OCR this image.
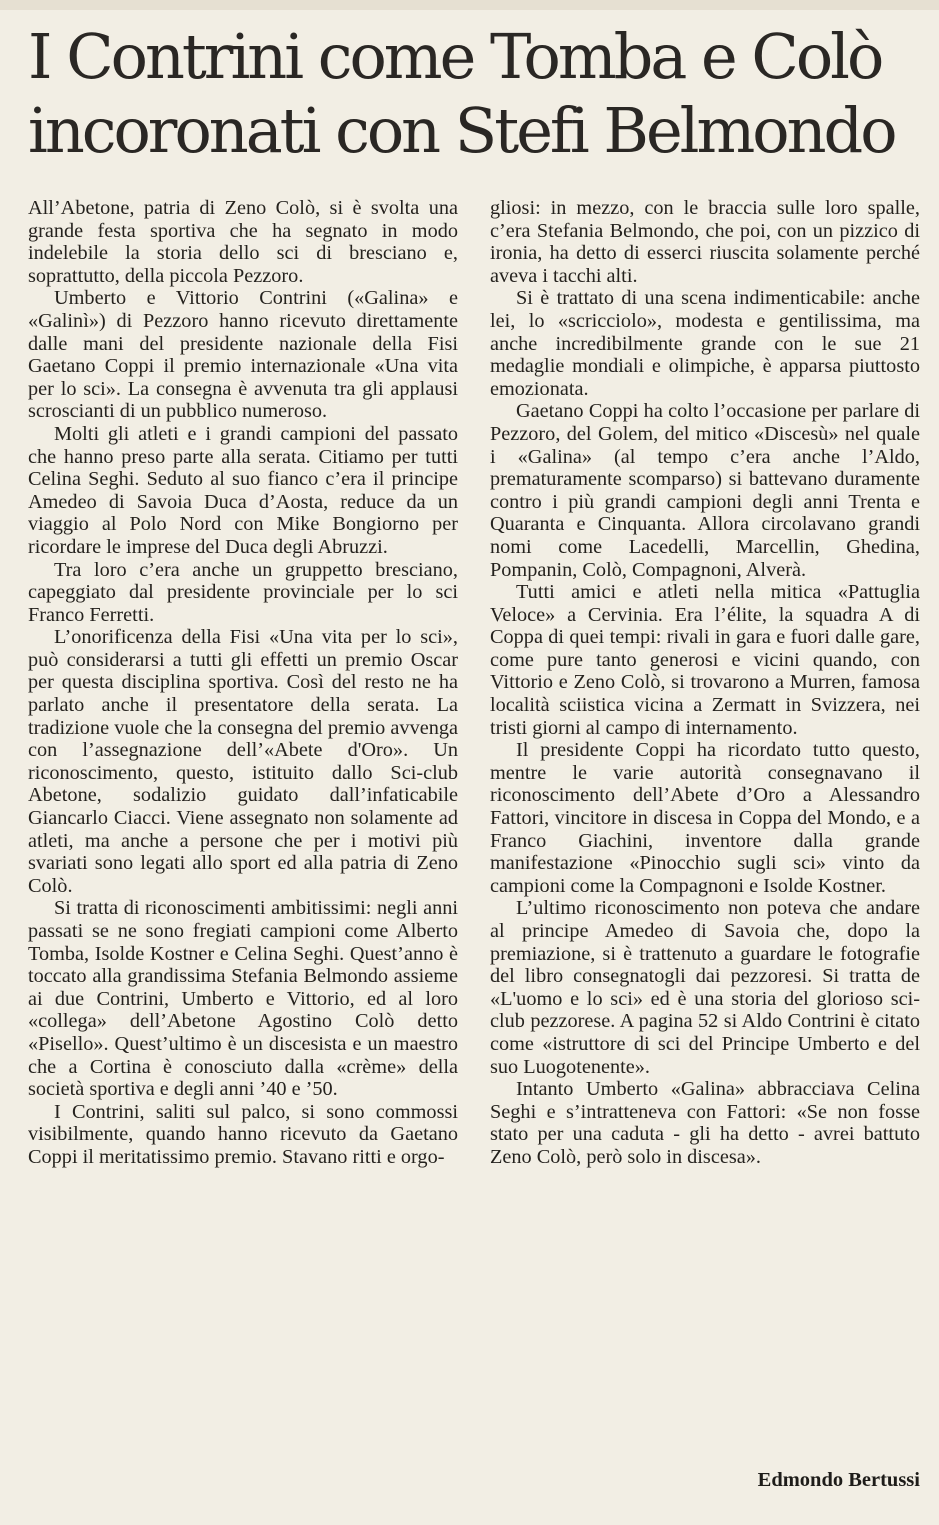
I Contrini come Tomba e Colò
incoronati con Stefi Belmondo

All’Abetone, patria di Zeno Colò, si è svolta una grande festa sportiva che ha segnato in modo indelebile la storia dello sci di bresciano e, soprattutto, della piccola Pezzoro.

Umberto e Vittorio Contrini («Galina» e «Galinì») di Pezzoro hanno ricevuto direttamente dalle mani del presidente nazionale della Fisi Gaetano Coppi il premio internazionale «Una vita per lo sci». La consegna è avvenuta tra gli applausi scroscianti di un pubblico numeroso.

Molti gli atleti e i grandi campioni del passato che hanno preso parte alla serata. Citiamo per tutti Celina Seghi. Seduto al suo fianco c’era il principe Amedeo di Savoia Duca d’Aosta, reduce da un viaggio al Polo Nord con Mike Bongiorno per ricordare le imprese del Duca degli Abruzzi.

Tra loro c’era anche un gruppetto bresciano, capeggiato dal presidente provinciale per lo sci Franco Ferretti.

L’onorificenza della Fisi «Una vita per lo sci», può considerarsi a tutti gli effetti un premio Oscar per questa disciplina sportiva. Così del resto ne ha parlato anche il presentatore della serata. La tradizione vuole che la consegna del premio avvenga con l’assegnazione dell’«Abete d'Oro». Un riconoscimento, questo, istituito dallo Sci-club Abetone, sodalizio guidato dall’infaticabile Giancarlo Ciacci. Viene assegnato non solamente ad atleti, ma anche a persone che per i motivi più svariati sono legati allo sport ed alla patria di Zeno Colò.

Si tratta di riconoscimenti ambitissimi: negli anni passati se ne sono fregiati campioni come Alberto Tomba, Isolde Kostner e Celina Seghi. Quest’anno è toccato alla grandissima Stefania Belmondo assieme ai due Contrini, Umberto e Vittorio, ed al loro «collega» dell’Abetone Agostino Colò detto «Pisello». Quest’ultimo è un discesista e un maestro che a Cortina è conosciuto dalla «crème» della società sportiva e degli anni ’40 e ’50.

I Contrini, saliti sul palco, si sono commossi visibilmente, quando hanno ricevuto da Gaetano Coppi il meritatissimo premio. Stavano ritti e orgo-

gliosi: in mezzo, con le braccia sulle loro spalle, c’era Stefania Belmondo, che poi, con un pizzico di ironia, ha detto di esserci riuscita solamente perché aveva i tacchi alti.

Si è trattato di una scena indimenticabile: anche lei, lo «scricciolo», modesta e gentilissima, ma anche incredibilmente grande con le sue 21 medaglie mondiali e olimpiche, è apparsa piuttosto emozionata.

Gaetano Coppi ha colto l’occasione per parlare di Pezzoro, del Golem, del mitico «Discesù» nel quale i «Galina» (al tempo c’era anche l’Aldo, prematuramente scomparso) si battevano duramente contro i più grandi campioni degli anni Trenta e Quaranta e Cinquanta. Allora circolavano grandi nomi come Lacedelli, Marcellin, Ghedina, Pompanin, Colò, Compagnoni, Alverà.

Tutti amici e atleti nella mitica «Pattuglia Veloce» a Cervinia. Era l’élite, la squadra A di Coppa di quei tempi: rivali in gara e fuori dalle gare, come pure tanto generosi e vicini quando, con Vittorio e Zeno Colò, si trovarono a Murren, famosa località sciistica vicina a Zermatt in Svizzera, nei tristi giorni al campo di internamento.

Il presidente Coppi ha ricordato tutto questo, mentre le varie autorità consegnavano il riconoscimento dell’Abete d’Oro a Alessandro Fattori, vincitore in discesa in Coppa del Mondo, e a Franco Giachini, inventore dalla grande manifestazione «Pinocchio sugli sci» vinto da campioni come la Compagnoni e Isolde Kostner.

L’ultimo riconoscimento non poteva che andare al principe Amedeo di Savoia che, dopo la premiazione, si è trattenuto a guardare le fotografie del libro consegnatogli dai pezzoresi. Si tratta de «L'uomo e lo sci» ed è una storia del glorioso sci-club pezzorese. A pagina 52 si Aldo Contrini è citato come «istruttore di sci del Principe Umberto e del suo Luogotenente».

Intanto Umberto «Galina» abbracciava Celina Seghi e s’intratteneva con Fattori: «Se non fosse stato per una caduta - gli ha detto - avrei battuto Zeno Colò, però solo in discesa».

Edmondo Bertussi
